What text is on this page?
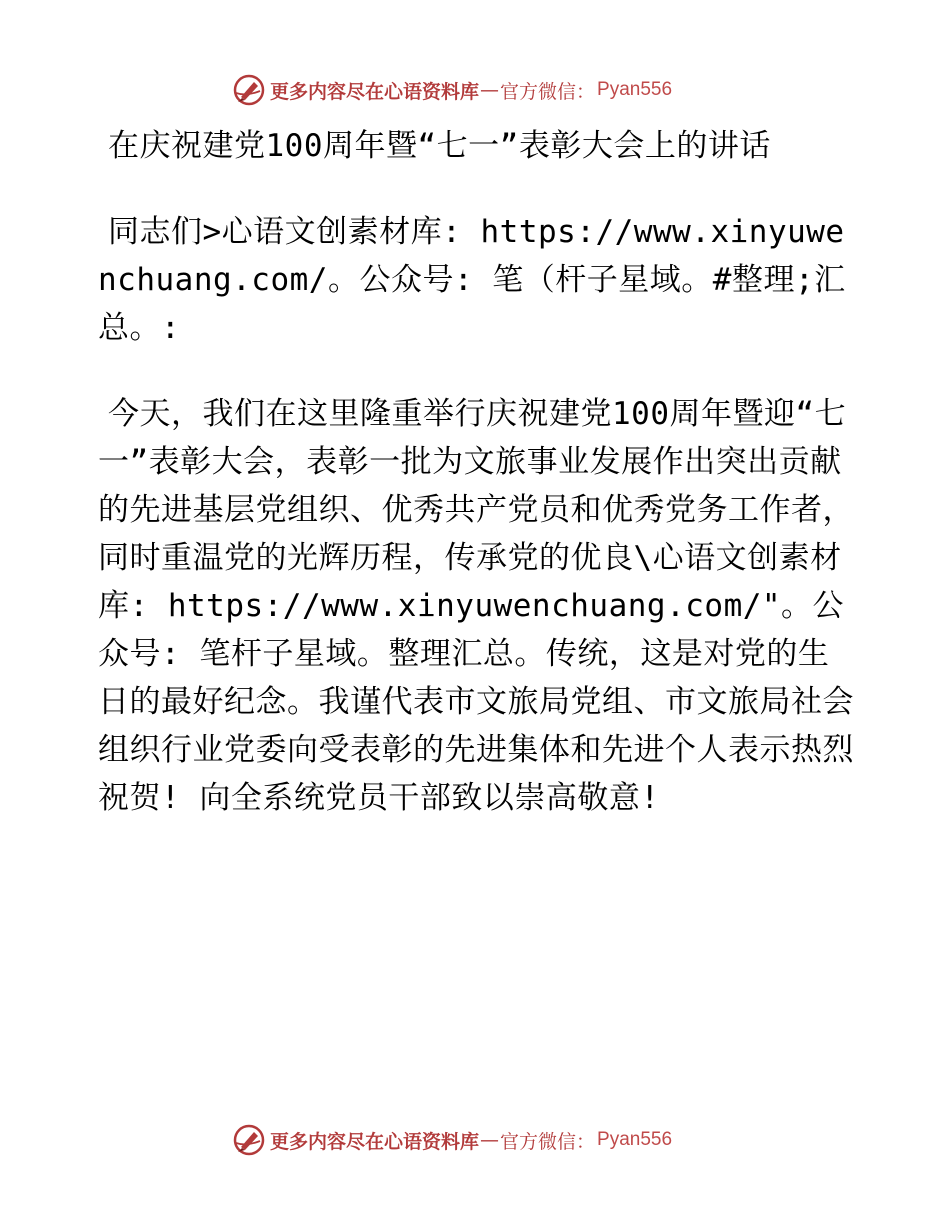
更多内容尽在心语资料库 — 官方微信： Pyan556

在庆祝建党100周年暨“七一”表彰大会上的讲话

同志们>心语文创素材库: https://www.xinyuwenchuang.com/。公众号: 笔（杆子星域。#整理;汇总。:

今天，我们在这里隆重举行庆祝建党100周年暨迎“七一”表彰大会，表彰一批为文旅事业发展作出突出贡献的先进基层党组织、优秀共产党员和优秀党务工作者，同时重温党的光辉历程，传承党的优良\心语文创素材库: https://www.xinyuwenchuang.com/"。公众号: 笔杆子星域。整理汇总。传统，这是对党的生日的最好纪念。我谨代表市文旅局党组、市文旅局社会组织行业党委向受表彰的先进集体和先进个人表示热烈祝贺! 向全系统党员干部致以崇高敬意!

更多内容尽在心语资料库 — 官方微信： Pyan556
